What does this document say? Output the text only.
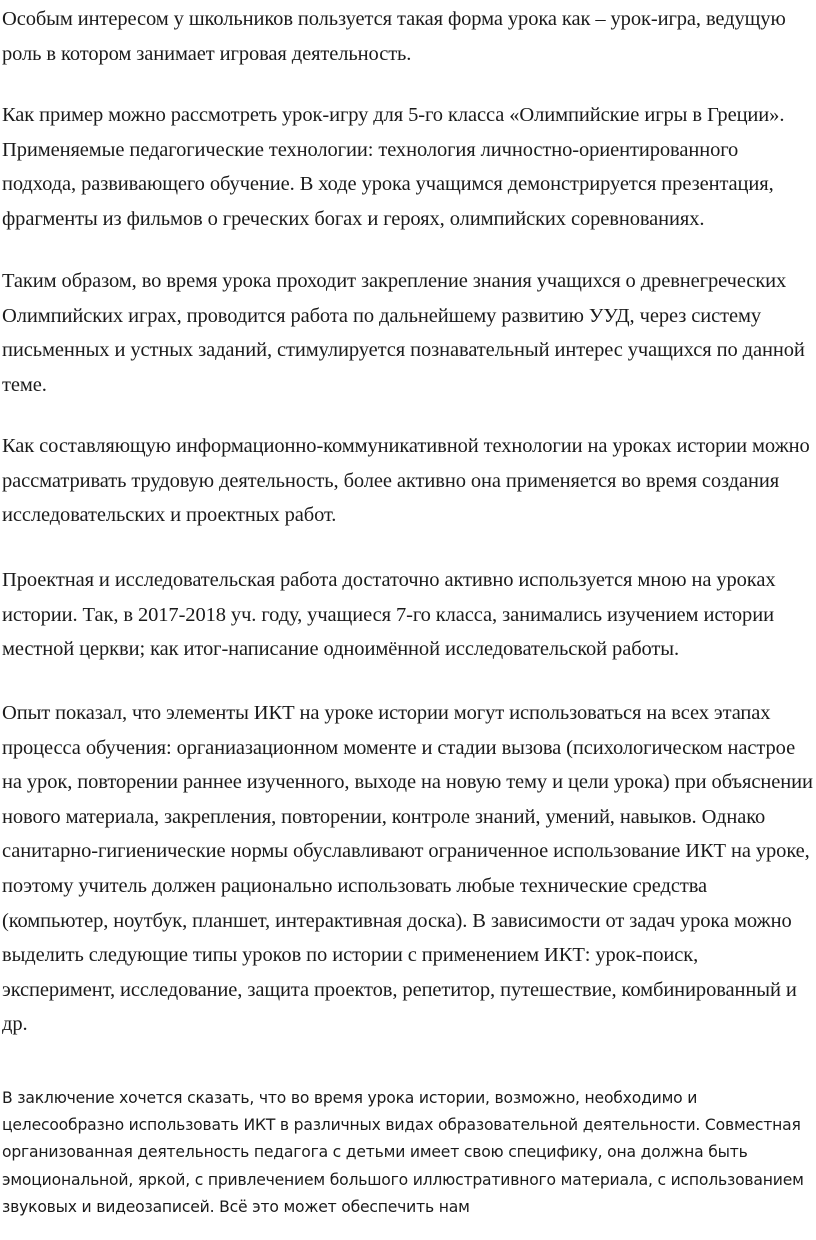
Особым интересом у школьников пользуется такая форма урока как – урок-игра, ведущую роль в котором занимает игровая деятельность.

Как пример можно рассмотреть урок-игру для 5-го класса «Олимпийские игры в Греции». Применяемые педагогические технологии: технология личностно-ориентированного подхода, развивающего обучение. В ходе урока учащимся демонстрируется презентация, фрагменты из фильмов о греческих богах и героях, олимпийских соревнованиях.

Таким образом, во время урока проходит закрепление знания учащихся о древнегреческих Олимпийских играх, проводится работа по дальнейшему развитию УУД, через систему письменных и устных заданий, стимулируется познавательный интерес учащихся по данной теме.

Как составляющую информационно-коммуникативной технологии на уроках истории можно рассматривать трудовую деятельность, более активно она применяется во время создания исследовательских и проектных работ.

Проектная и исследовательская работа достаточно активно используется мною на уроках истории. Так, в 2017-2018 уч. году, учащиеся 7-го класса, занимались изучением истории местной церкви; как итог-написание одноимённой исследовательской работы.

Опыт показал, что элементы ИКТ на уроке истории могут использоваться на всех этапах процесса обучения: органиазационном моменте и стадии вызова (психологическом настрое на урок, повторении раннее изученного, выходе на новую тему и цели урока) при объяснении нового материала, закрепления, повторении, контроле знаний, умений, навыков. Однако санитарно-гигиенические нормы обуславливают ограниченное использование ИКТ на уроке, поэтому учитель должен рационально использовать любые технические средства (компьютер, ноутбук, планшет, интерактивная доска). В зависимости от задач урока можно выделить следующие типы уроков по истории с применением ИКТ: урок-поиск, эксперимент, исследование, защита проектов, репетитор, путешествие, комбинированный и др.

В заключение хочется сказать, что во время урока истории, возможно, необходимо и целесообразно использовать ИКТ в различных видах образовательной деятельности. Совместная организованная деятельность педагога с детьми имеет свою специфику, она должна быть эмоциональной, яркой, с привлечением большого иллюстративного материала, с использованием звуковых и видеозаписей. Всё это может обеспечить нам
